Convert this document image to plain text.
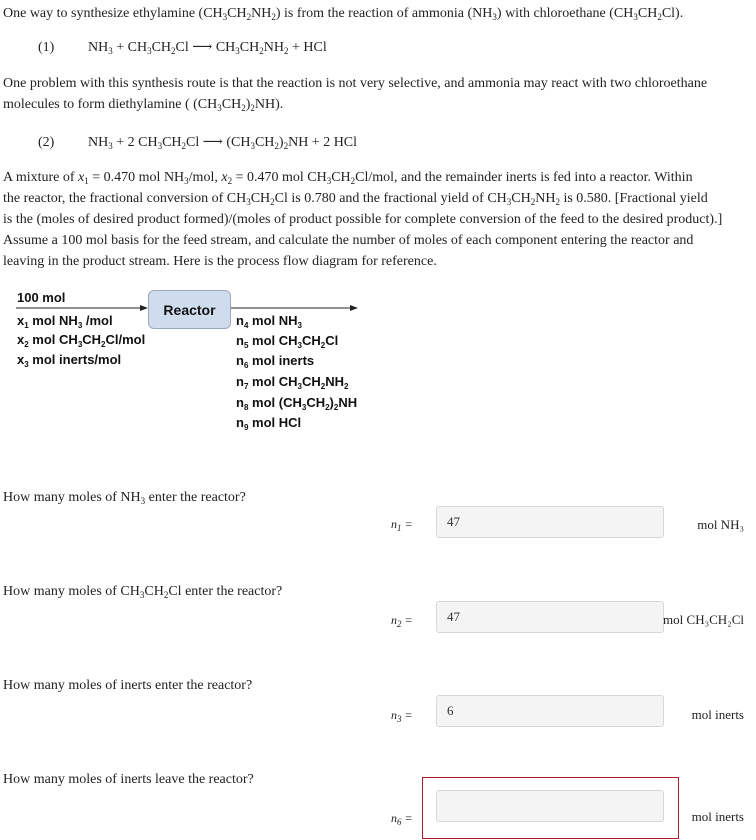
One way to synthesize ethylamine $(CH_3CH_2NH_2)$ is from the reaction of ammonia $(NH_3)$ with chloroethane $(CH_3CH_2Cl)$.
(1) $NH_3 + CH_3CH_2Cl$ ⟶ $CH_3CH_2NH_2$ + HCl
One problem with this synthesis route is that the reaction is not very selective, and ammonia may react with two chloroethane
molecules to form diethylamine ( $(CH_3CH_2)_2NH$).
(2) $NH_3 + 2$ $CH_3CH_2Cl$ ⟶ $(CH_3CH_2)_2NH + 2$ HCl
A mixture of $x_1 = 0.470$ mol $NH_3$/mol, $x_2 = 0.470$ mol $CH_3CH_2Cl$/mol, and the remainder inerts is fed into a reactor. Within
the reactor, the fractional conversion of $CH_3CH_2Cl$ is 0.780 and the fractional yield of $CH_3CH_2NH_2$ is 0.580. [Fractional yield
is the (moles of desired product formed)/(moles of product possible for complete conversion of the feed to the desired product).]
Assume a 100 mol basis for the feed stream, and calculate the number of moles of each component entering the reactor and
leaving in the product stream. Here is the process flow diagram for reference.
Reactor
100 mol
$x_1$ mol $NH_3$ /mol
$x_2$ mol $CH_3CH_2Cl$/mol
$x_3$ mol inerts/mol
$n_4$ mol $NH_3$
$n_5$ mol $CH_3CH_2Cl$
$n_6$ mol inerts
$n_7$ mol $CH_3CH_2NH_2$
$n_8$ mol $(CH_3CH_2)_2NH$
$n_9$ mol HCl
How many moles of $NH_3$ enter the reactor?
$n_1$ =	47	mol NH₃
How many moles of $CH_3CH_2Cl$ enter the reactor?
$n_2$ =	47	mol CH₃CH₂Cl
How many moles of inerts enter the reactor?
$n_3$ =	6	mol inerts
How many moles of inerts leave the reactor?
$n_6$ =	mol inerts
